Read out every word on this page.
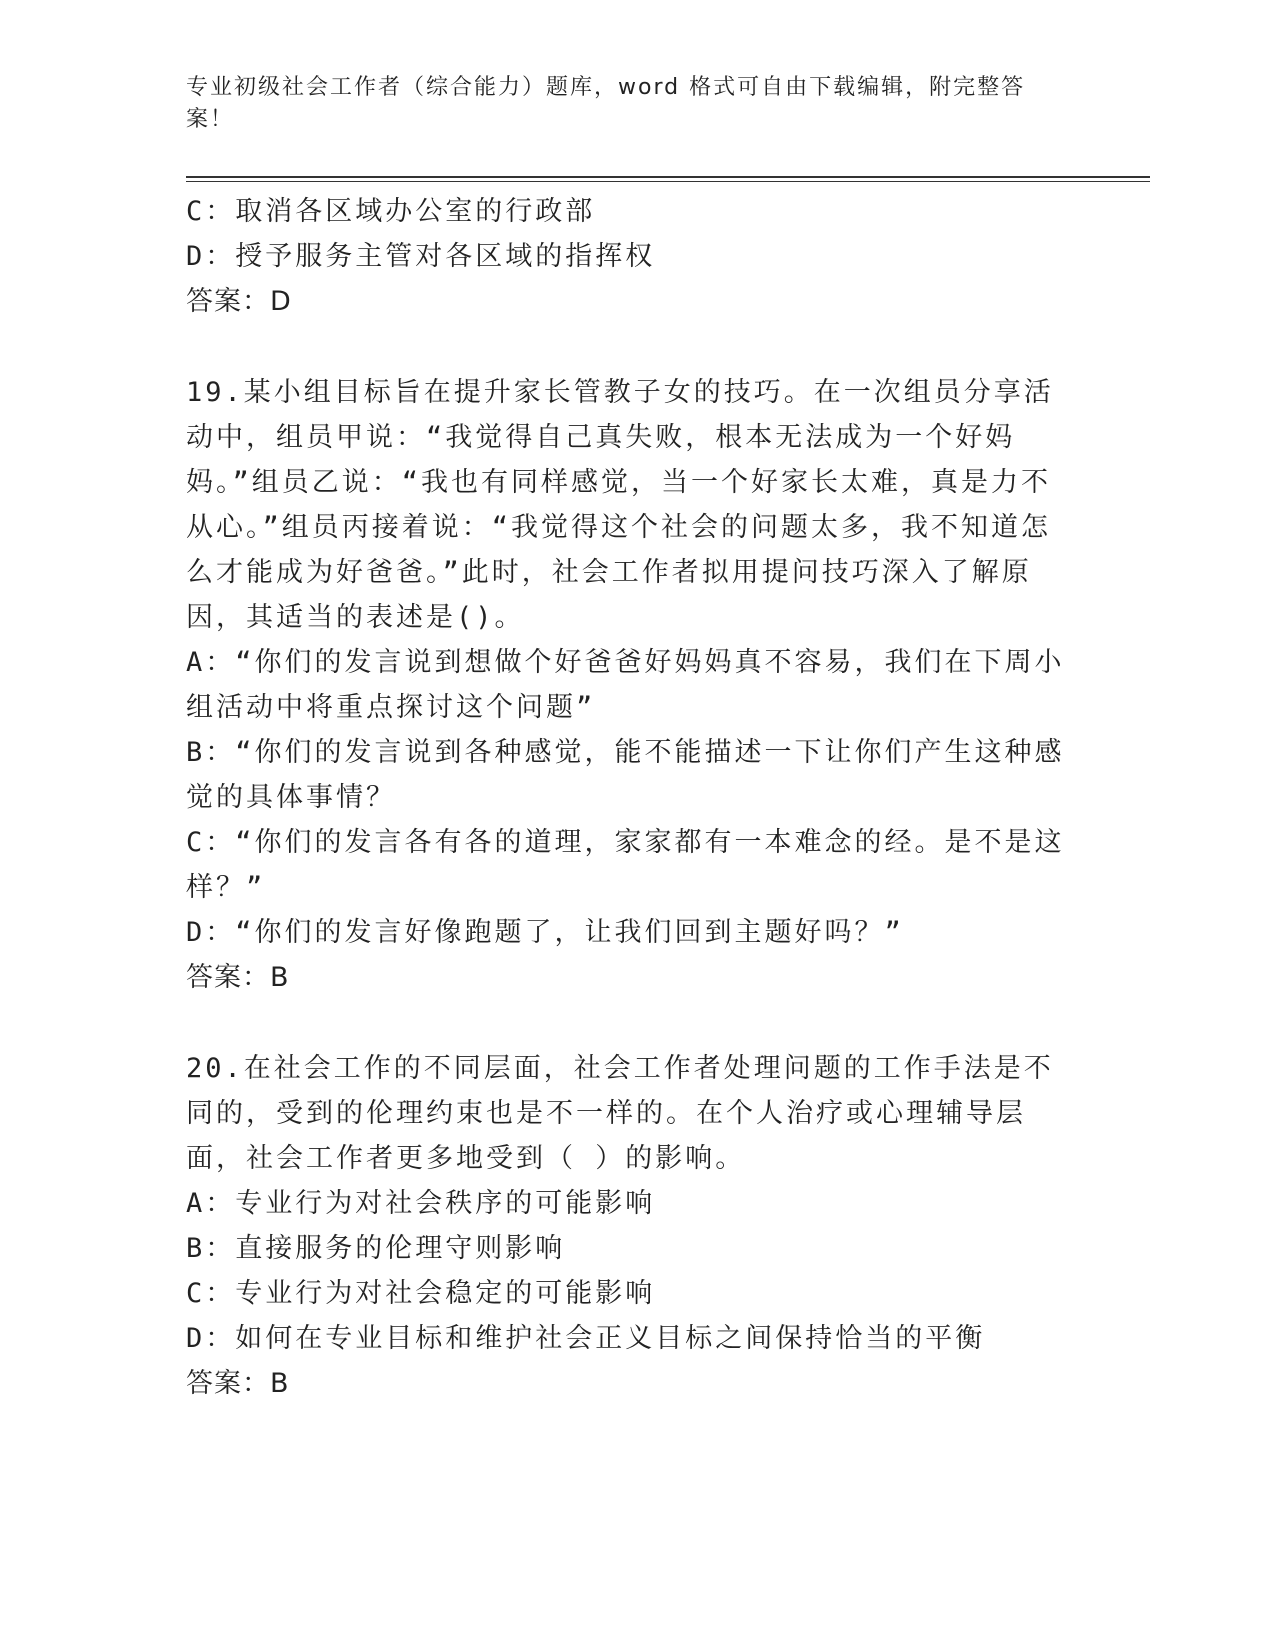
专业初级社会工作者（综合能力）题库，word 格式可自由下载编辑，附完整答案！
C：取消各区域办公室的行政部
D：授予服务主管对各区域的指挥权
答案：D
19.某小组目标旨在提升家长管教子女的技巧。在一次组员分享活动中，组员甲说：“我觉得自己真失败，根本无法成为一个好妈妈。”组员乙说：“我也有同样感觉，当一个好家长太难，真是力不从心。”组员丙接着说：“我觉得这个社会的问题太多，我不知道怎么才能成为好爸爸。”此时，社会工作者拟用提问技巧深入了解原因，其适当的表述是()。
A：“你们的发言说到想做个好爸爸好妈妈真不容易，我们在下周小组活动中将重点探讨这个问题”
B：“你们的发言说到各种感觉，能不能描述一下让你们产生这种感觉的具体事情？
C：“你们的发言各有各的道理，家家都有一本难念的经。是不是这样？”
D：“你们的发言好像跑题了，让我们回到主题好吗？”
答案：B
20.在社会工作的不同层面，社会工作者处理问题的工作手法是不同的，受到的伦理约束也是不一样的。在个人治疗或心理辅导层面，社会工作者更多地受到（ ）的影响。
A：专业行为对社会秩序的可能影响
B：直接服务的伦理守则影响
C：专业行为对社会稳定的可能影响
D：如何在专业目标和维护社会正义目标之间保持恰当的平衡
答案：B
